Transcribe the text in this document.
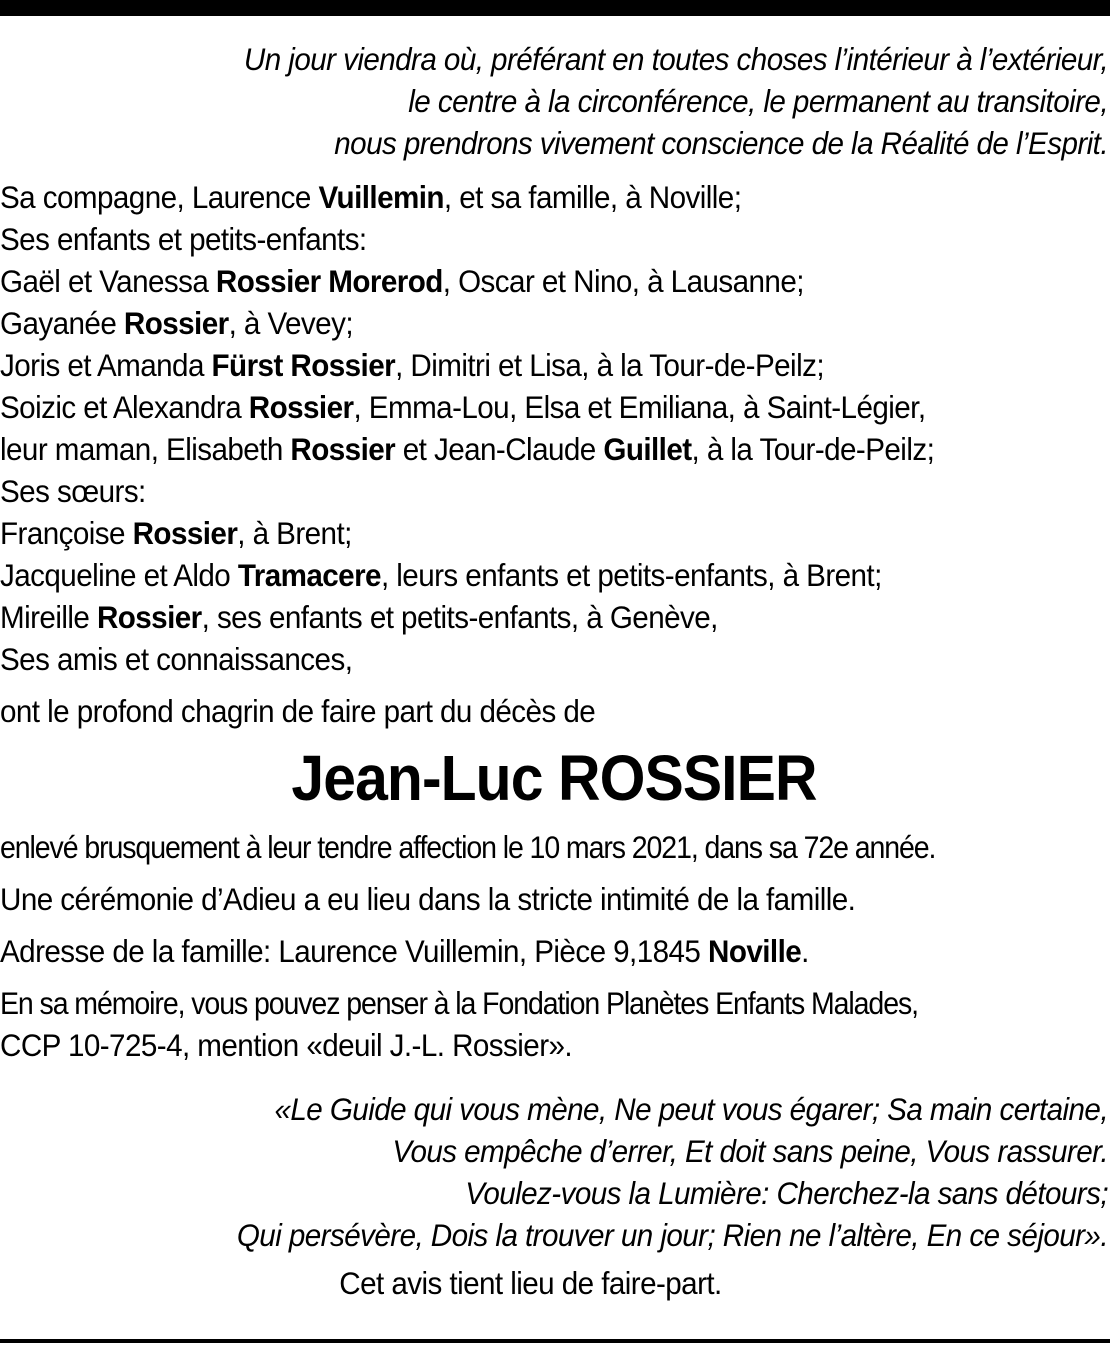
Un jour viendra où, préférant en toutes choses l’intérieur à l’extérieur,
le centre à la circonférence, le permanent au transitoire,
nous prendrons vivement conscience de la Réalité de l’Esprit.
Sa compagne, Laurence Vuillemin, et sa famille, à Noville;
Ses enfants et petits-enfants:
Gaël et Vanessa Rossier Morerod, Oscar et Nino, à Lausanne;
Gayanée Rossier, à Vevey;
Joris et Amanda Fürst Rossier, Dimitri et Lisa, à la Tour-de-Peilz;
Soizic et Alexandra Rossier, Emma-Lou, Elsa et Emiliana, à Saint-Légier,
leur maman, Elisabeth Rossier et Jean-Claude Guillet, à la Tour-de-Peilz;
Ses sœurs:
Françoise Rossier, à Brent;
Jacqueline et Aldo Tramacere, leurs enfants et petits-enfants, à Brent;
Mireille Rossier, ses enfants et petits-enfants, à Genève,
Ses amis et connaissances,
ont le profond chagrin de faire part du décès de
Jean-Luc ROSSIER
enlevé brusquement à leur tendre affection le 10 mars 2021, dans sa 72e année.
Une cérémonie d’Adieu a eu lieu dans la stricte intimité de la famille.
Adresse de la famille: Laurence Vuillemin, Pièce 9,1845 Noville.
En sa mémoire, vous pouvez penser à la Fondation Planètes Enfants Malades,
CCP 10-725-4, mention «deuil J.-L. Rossier».
«Le Guide qui vous mène, Ne peut vous égarer; Sa main certaine,
Vous empêche d’errer, Et doit sans peine, Vous rassurer.
Voulez-vous la Lumière: Cherchez-la sans détours;
Qui persévère, Dois la trouver un jour; Rien ne l’altère, En ce séjour».
Cet avis tient lieu de faire-part.
